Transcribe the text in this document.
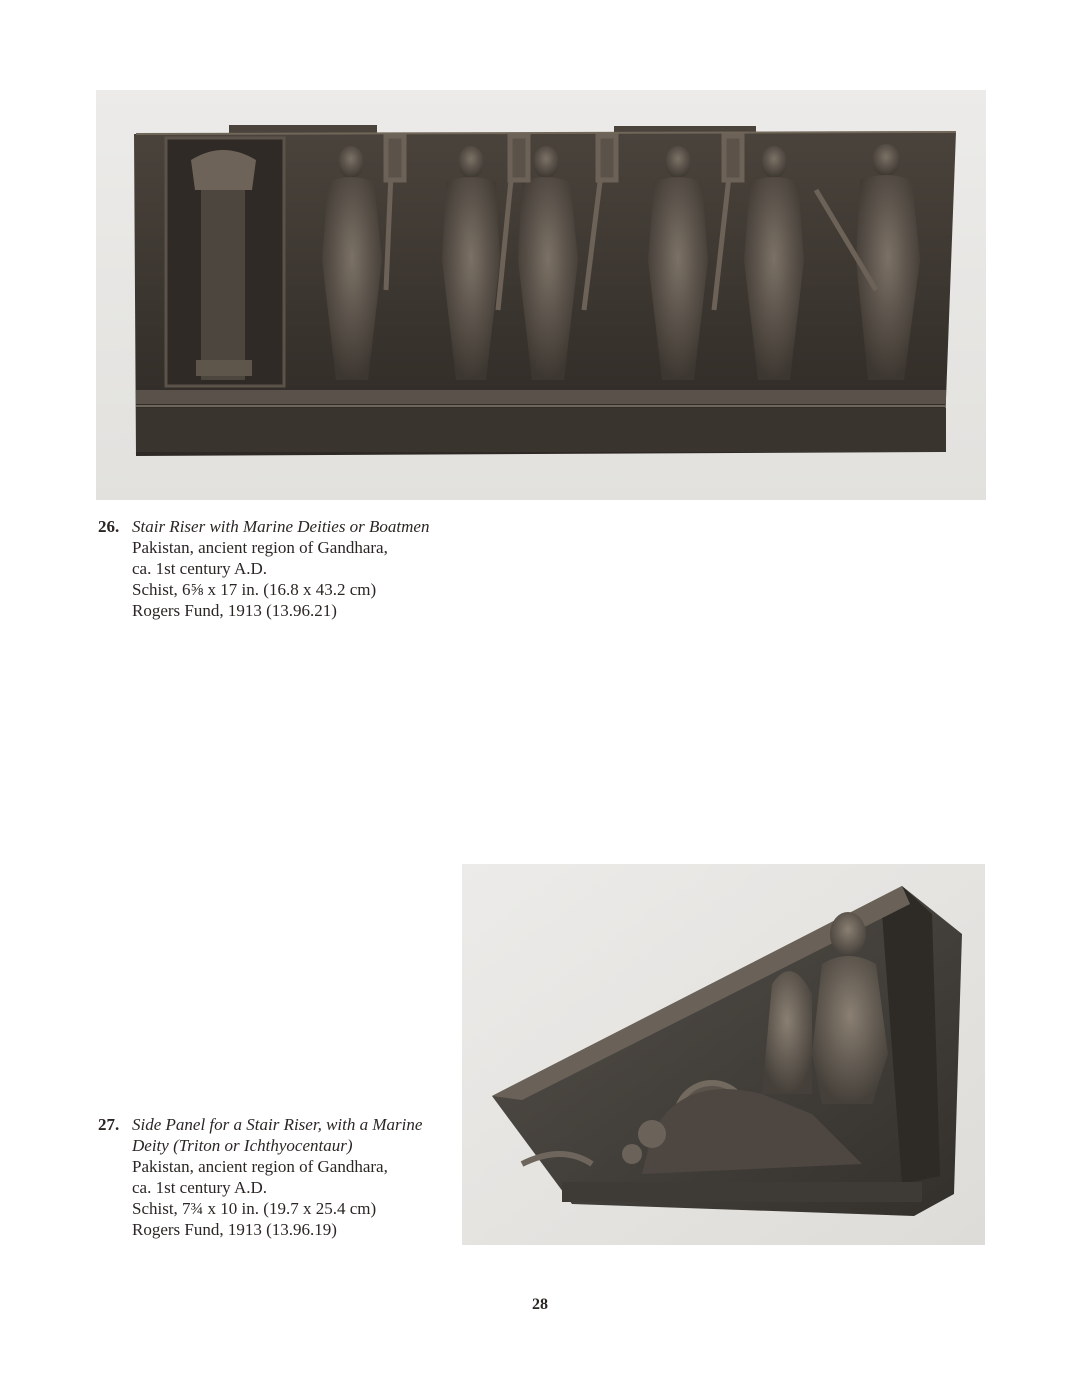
26. Stair Riser with Marine Deities or Boatmen
Pakistan, ancient region of Gandhara,
ca. 1st century A.D.
Schist, 6⅝ x 17 in. (16.8 x 43.2 cm)
Rogers Fund, 1913 (13.96.21)
27. Side Panel for a Stair Riser, with a Marine
Deity (Triton or Ichthyocentaur)
Pakistan, ancient region of Gandhara,
ca. 1st century A.D.
Schist, 7¾ x 10 in. (19.7 x 25.4 cm)
Rogers Fund, 1913 (13.96.19)
28
